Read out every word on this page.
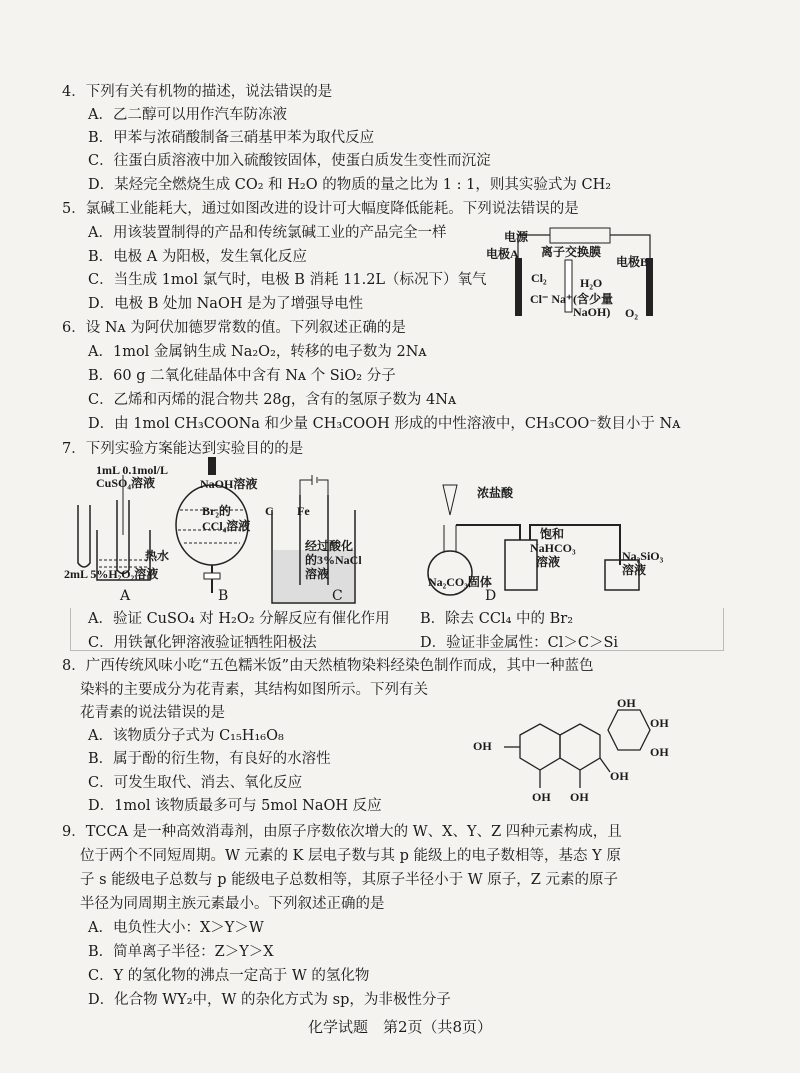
4．下列有关有机物的描述，说法错误的是
A．乙二醇可以用作汽车防冻液
B．甲苯与浓硝酸制备三硝基甲苯为取代反应
C．往蛋白质溶液中加入硫酸铵固体，使蛋白质发生变性而沉淀
D．某烃完全燃烧生成 CO₂ 和 H₂O 的物质的量之比为 1 : 1，则其实验式为 CH₂
5．氯碱工业能耗大，通过如图改进的设计可大幅度降低能耗。下列说法错误的是
A．用该装置制得的产品和传统氯碱工业的产品完全一样
B．电极 A 为阳极，发生氧化反应
C．当生成 1mol 氯气时，电极 B 消耗 11.2L（标况下）氧气
D．电极 B 处加 NaOH 是为了增强导电性
电源
离子交换膜
电极A
电极B
Cl₂	H₂O
Cl⁻ Na⁺ (含少量
NaOH) O₂
6．设 Nᴀ 为阿伏加德罗常数的值。下列叙述正确的是
A．1mol 金属钠生成 Na₂O₂，转移的电子数为 2Nᴀ
B．60 g 二氧化硅晶体中含有 Nᴀ 个 SiO₂ 分子
C．乙烯和丙烯的混合物共 28g，含有的氢原子数为 4Nᴀ
D．由 1mol CH₃COONa 和少量 CH₃COOH 形成的中性溶液中，CH₃COO⁻数目小于 Nᴀ
7．下列实验方案能达到实验目的的是
1mL 0.1mol/L
CuSO₄溶液
热水
2mL 5%H₂O₂溶液
NaOH溶液
Br₂的
CCl₄溶液
C Fe
经过酸化
的3%NaCl
溶液
浓盐酸
饱和
NaHCO₃
溶液	Na₂SiO₃
溶液
Na₂CO₃固体
A	B	C	D
A．验证 CuSO₄ 对 H₂O₂ 分解反应有催化作用 B．除去 CCl₄ 中的 Br₂
C．用铁氰化钾溶液验证牺牲阳极法	D．验证非金属性：Cl＞C＞Si
8．广西传统风味小吃“五色糯米饭”由天然植物染料经染色制作而成，其中一种蓝色
染料的主要成分为花青素，其结构如图所示。下列有关
花青素的说法错误的是
A．该物质分子式为 C₁₅H₁₆O₈
B．属于酚的衍生物，有良好的水溶性
C．可发生取代、消去、氧化反应
D．1mol 该物质最多可与 5mol NaOH 反应
OH
OH OH
OH
OH
OH
OH
9．TCCA 是一种高效消毒剂，由原子序数依次增大的 W、X、Y、Z 四种元素构成，且
位于两个不同短周期。W 元素的 K 层电子数与其 p 能级上的电子数相等，基态 Y 原
子 s 能级电子总数与 p 能级电子总数相等，其原子半径小于 W 原子，Z 元素的原子
半径为同周期主族元素最小。下列叙述正确的是
A．电负性大小：X＞Y＞W
B．简单离子半径：Z＞Y＞X
C．Y 的氢化物的沸点一定高于 W 的氢化物
D．化合物 WY₂中，W 的杂化方式为 sp，为非极性分子
化学试题　第2页（共8页）
